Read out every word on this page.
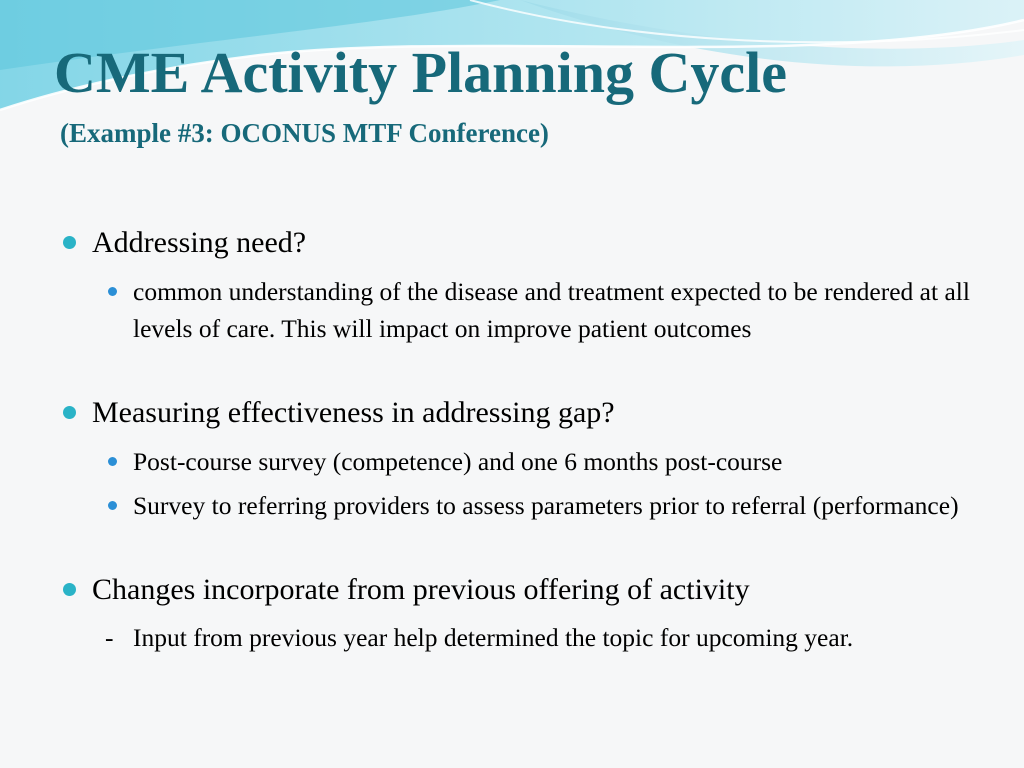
CME Activity Planning Cycle
(Example #3: OCONUS MTF Conference)
Addressing need?
common understanding of the disease and treatment expected to be rendered at all levels of care. This will impact on improve patient outcomes
Measuring effectiveness in addressing gap?
Post-course survey (competence) and one 6 months post-course
Survey to referring providers to assess parameters prior to referral (performance)
Changes incorporate from previous offering of activity
- Input from previous year help determined the topic for upcoming year.
